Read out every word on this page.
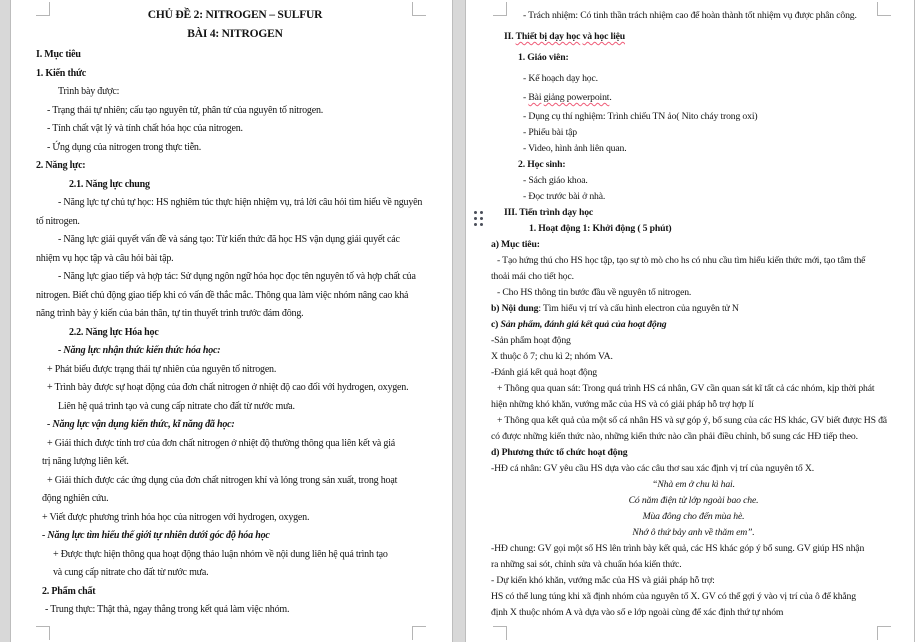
CHỦ ĐỀ 2: NITROGEN – SULFUR

BÀI 4: NITROGEN

I. Mục tiêu

1. Kiến thức

Trình bày được:

- Trạng thái tự nhiên; cấu tạo nguyên tử, phân tử của nguyên tố nitrogen.

- Tính chất vật lý và tính chất hóa học của nitrogen.

- Ứng dụng của nitrogen trong thực tiễn.

2. Năng lực:

2.1. Năng lực chung

- Năng lực tự chủ tự học: HS nghiêm túc thực hiện nhiệm vụ, trả lời câu hỏi tìm hiểu về nguyên

tố nitrogen.

- Năng lực giải quyết vấn đề và sáng tạo: Từ kiến thức đã học HS vận dụng giải quyết các

nhiệm vụ học tập và câu hỏi bài tập.

- Năng lực giao tiếp và hợp tác: Sử dụng ngôn ngữ hóa học đọc tên nguyên tố và hợp chất của

nitrogen. Biết chủ động giao tiếp khi có vấn đề thắc mắc. Thông qua làm việc nhóm nâng cao khả

năng trình bày ý kiến của bản thân, tự tin thuyết trình trước đám đông.

2.2. Năng lực Hóa học

- Năng lực nhận thức kiến thức hóa học:

+ Phát biểu được trạng thái tự nhiên của nguyên tố nitrogen.

+ Trình bày được sự hoạt động của đơn chất nitrogen ở nhiệt độ cao đối với hydrogen, oxygen.

Liên hệ quá trình tạo và cung cấp nitrate cho đất từ nước mưa.

- Năng lực vận dụng kiến thức, kĩ năng đã học:

+ Giải thích được tính trơ của đơn chất nitrogen ở nhiệt độ thường thông qua liên kết và giá

trị năng lượng liên kết.

+ Giải thích được các ứng dụng của đơn chất nitrogen khí và lỏng trong sản xuất, trong hoạt

động nghiên cứu.

+ Viết được phương trình hóa học của nitrogen với hydrogen, oxygen.

- Năng lực tìm hiểu thế giới tự nhiên dưới góc độ hóa học

+ Được thực hiện thông qua hoạt động thảo luận nhóm về nội dung liên hệ quá trình tạo

và cung cấp nitrate cho đất từ nước mưa.

2. Phẩm chất

- Trung thực: Thật thà, ngay thẳng trong kết quả làm việc nhóm.

- Trách nhiệm: Có tinh thần trách nhiệm cao để hoàn thành tốt nhiệm vụ được phân công.

II. Thiết bị dạy học và học liệu

1. Giáo viên:

- Kế hoạch dạy học.

- Bài giảng powerpoint.

- Dụng cụ thí nghiệm: Trình chiếu TN ảo( Nito cháy trong oxi)

- Phiếu bài tập

- Video, hình ảnh liên quan.

2. Học sinh:

- Sách giáo khoa.

- Đọc trước bài ở nhà.

III. Tiến trình dạy học

1. Hoạt động 1: Khởi động ( 5 phút)

a) Mục tiêu:

- Tạo hứng thú cho HS học tập, tạo sự tò mò cho hs có nhu cầu tìm hiểu kiến thức mới, tạo tâm thế

thoải mái cho tiết học.

- Cho HS thông tin bước đầu về nguyên tố nitrogen.

b) Nội dung: Tìm hiểu vị trí và cấu hình electron của nguyên tử N

c) Sản phẩm, đánh giá kết quả của hoạt động

-Sản phẩm hoạt động

X thuộc ô 7; chu kì 2; nhóm VA.

-Đánh giá kết quả hoạt động

+ Thông qua quan sát: Trong quá trình HS cá nhân, GV cần quan sát kĩ tất cả các nhóm, kịp thời phát

hiện những khó khăn, vướng mắc của HS và có giải pháp hỗ trợ hợp lí

+ Thông qua kết quả của một số cá nhân HS và sự góp ý, bổ sung của các HS khác, GV biết được HS đã

có được những kiến thức nào, những kiến thức nào cần phải điều chỉnh, bổ sung các HĐ tiếp theo.

d) Phương thức tổ chức hoạt động

-HĐ cá nhân: GV yêu cầu HS dựa vào các câu thơ sau xác định vị trí của nguyên tố X.

“Nhà em ở chu kì hai.

Có năm điện tử lớp ngoài bao che.

Mùa đông cho đến mùa hè.

Nhớ ô thứ bảy anh về thăm em”.

-HĐ chung: GV gọi một số HS lên trình bày kết quả, các HS khác góp ý bổ sung. GV giúp HS nhận

ra những sai sót, chỉnh sửa và chuẩn hóa kiến thức.

- Dự kiến khó khăn, vướng mắc của HS và giải pháp hỗ trợ:

HS có thể lung túng khi xã định nhóm của nguyên tố X. GV có thể gợi ý vào vị trí của ô để khẳng

định X thuộc nhóm A và dựa vào số e lớp ngoài cùng để xác định thứ tự nhóm
